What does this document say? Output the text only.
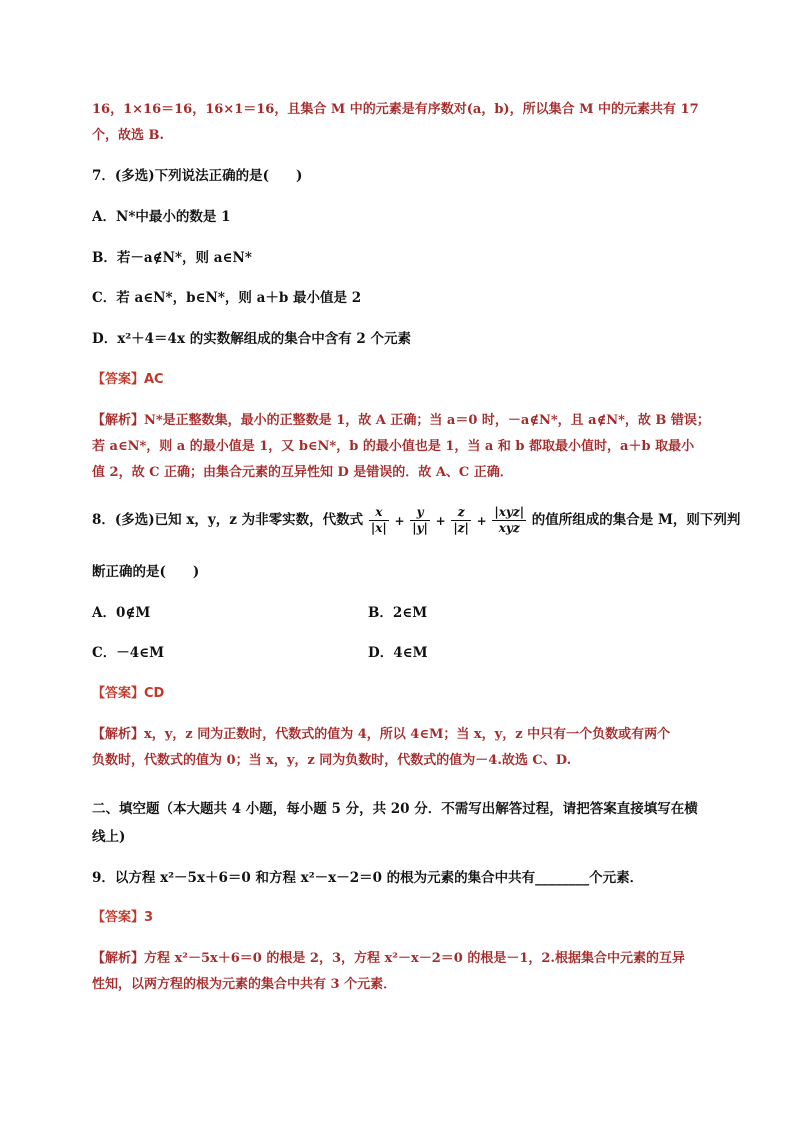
16，1×16＝16，16×1＝16，且集合 M 中的元素是有序数对(a，b)，所以集合 M 中的元素共有 17
个，故选 B.
7．(多选)下列说法正确的是(　　)
A．N*中最小的数是 1
B．若－a∉N*，则 a∈N*
C．若 a∈N*，b∈N*，则 a＋b 最小值是 2
D．x²＋4＝4x 的实数解组成的集合中含有 2 个元素
【答案】AC
【解析】N*是正整数集，最小的正整数是 1，故 A 正确；当 a＝0 时，－a∉N*，且 a∉N*，故 B 错误；
若 a∈N*，则 a 的最小值是 1，又 b∈N*，b 的最小值也是 1，当 a 和 b 都取最小值时，a＋b 取最小
值 2，故 C 正确；由集合元素的互异性知 D 是错误的．故 A、C 正确．
8．(多选)已知 x，y，z 为非零实数，代数式 $\frac{x}{|x|} + \frac{y}{|y|} + \frac{z}{|z|} + \frac{\text{|xyz|}}{\text{xyz}}$ 的值所组成的集合是 M，则下列判
断正确的是(　　)
A．0∉M	B．2∈M
C．－4∈M	D．4∈M
【答案】CD
【解析】x，y，z 同为正数时，代数式的值为 4，所以 4∈M；当 x，y，z 中只有一个负数或有两个
负数时，代数式的值为 0；当 x，y，z 同为负数时，代数式的值为－4.故选 C、D.
二、填空题（本大题共 4 小题，每小题 5 分，共 20 分．不需写出解答过程，请把答案直接填写在横
线上)
9．以方程 x²－5x＋6＝0 和方程 x²－x－2＝0 的根为元素的集合中共有________个元素．
【答案】3
【解析】方程 x²－5x＋6＝0 的根是 2，3，方程 x²－x－2＝0 的根是－1，2.根据集合中元素的互异
性知，以两方程的根为元素的集合中共有 3 个元素．
